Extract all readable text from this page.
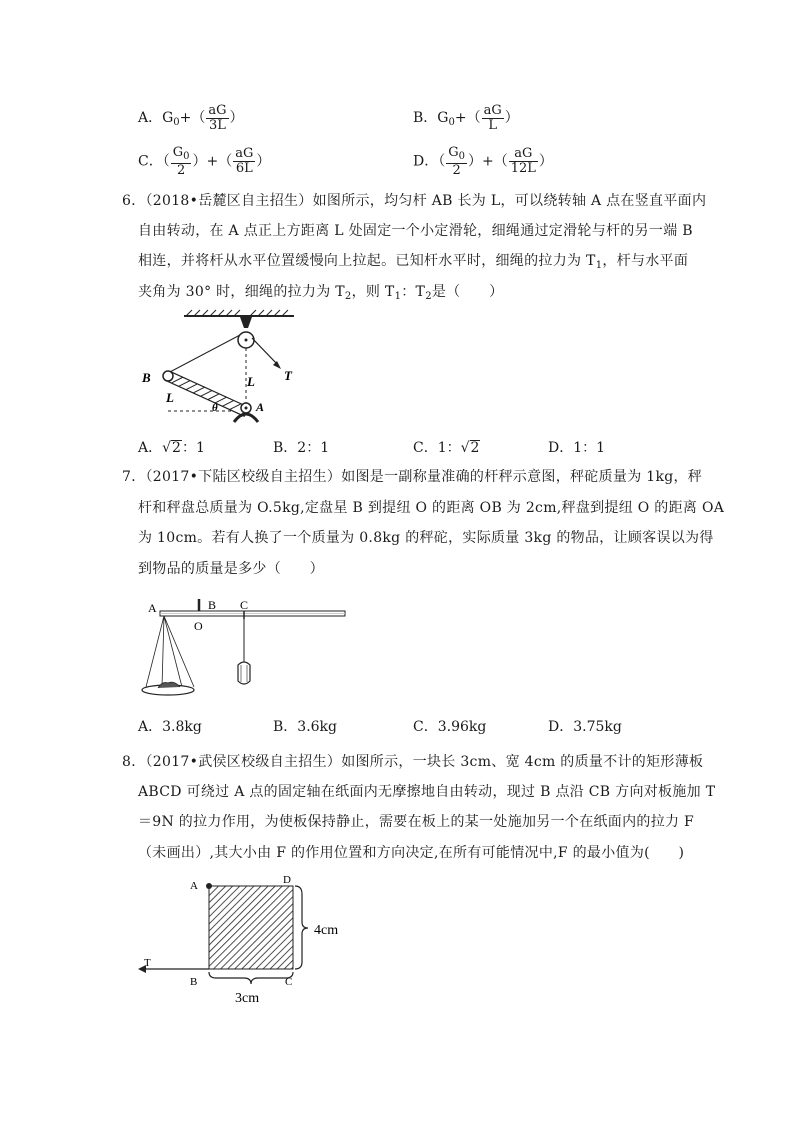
A．$G_0+( \frac{aG}{3L}$ ）	B．$G_0+( \frac{aG}{L}$ ）
C．（ $\frac{G_0}{2}$ ）+（ $\frac{aG}{6L}$ ）	D．（ $\frac{G_0}{2}$ ）+（ $\frac{aG}{12L}$ ）
6．（2018•岳麓区自主招生）如图所示，均匀杆 AB 长为 L，可以绕转轴 A 点在竖直平面内
自由转动，在 A 点正上方距离 L 处固定一个小定滑轮，细绳通过定滑轮与杆的另一端 B
相连，并将杆从水平位置缓慢向上拉起。已知杆水平时，细绳的拉力为 $T_1$，杆与水平面
夹角为 30° 时，细绳的拉力为 $T_2$，则 $T_1$：$T_2$是（　　）
B
L
L T
A
θ
A．√2：1	B．2：1	C．1：√2	D．1：1
7．（2017•下陆区校级自主招生）如图是一副称量准确的杆秤示意图，秤砣质量为 1kg，秤
杆和秤盘总质量为 O.5kg,定盘星 B 到提纽 O 的距离 OB 为 2cm,秤盘到提纽 O 的距离 OA
为 10cm。若有人换了一个质量为 0.8kg 的秤砣，实际质量 3kg 的物品，让顾客误以为得
到物品的质量是多少（　　）
A	B C
O
A．3.8kg	B．3.6kg	C．3.96kg	D．3.75kg
8．（2017•武侯区校级自主招生）如图所示，一块长 3cm、宽 4cm 的质量不计的矩形薄板
ABCD 可绕过 A 点的固定轴在纸面内无摩擦地自由转动，现过 B 点沿 CB 方向对板施加 T
＝9N 的拉力作用，为使板保持静止，需要在板上的某一处施加另一个在纸面内的拉力 F
（未画出）,其大小由 F 的作用位置和方向决定,在所有可能情况中,F 的最小值为(　　)
A	D
B	C
T
4cm
3cm
